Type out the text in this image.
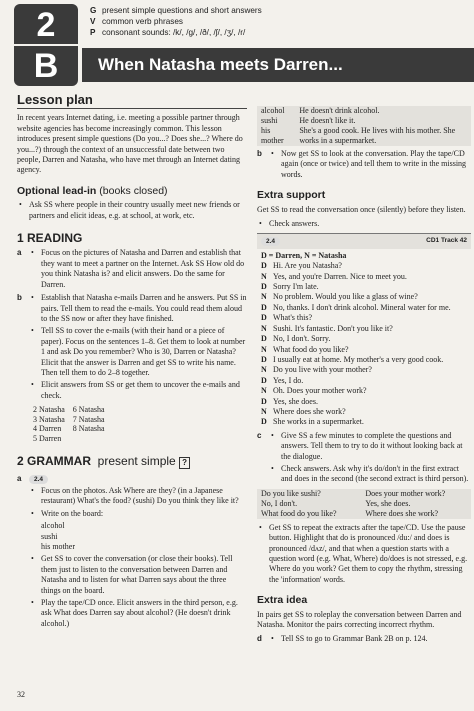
2
B
G present simple questions and short answers
V common verb phrases
P consonant sounds: /k/, /g/, /ð/, /ʃ/, /ʒ/, /r/
When Natasha meets Darren...
Lesson plan

In recent years Internet dating, i.e. meeting a possible partner through website agencies has become increasingly common. This lesson introduces present simple questions (Do you...? Does she...? Where do you...?) through the context of an unsuccessful date between two people, Darren and Natasha, who have met through an Internet dating agency.

Optional lead-in (books closed)
• Ask SS where people in their country usually meet new friends or partners and elicit ideas, e.g. at school, at work, etc.
1 READING
a	• Focus on the pictures of Natasha and Darren and establish that they want to meet a partner on the Internet. Ask SS How old do you think Natasha is? and elicit answers. Do the same for Darren.
b	• Establish that Natasha e-mails Darren and he answers. Put SS in pairs. Tell them to read the e-mails. You could read them aloud to the SS now or after they have finished.
• Tell SS to cover the e-mails (with their hand or a piece of paper). Focus on the sentences 1–8. Get them to look at number 1 and ask Do you remember? Who is 30, Darren or Natasha? Elicit that the answer is Darren and get SS to write his name. Then tell them to do 2–8 together.
• Elicit answers from SS or get them to uncover the e-mails and check.
2 Natasha	6 Natasha
3 Natasha	7 Natasha
4 Darren	8 Natasha
5 Darren	
2 GRAMMAR present simple ?
a	2.4
• Focus on the photos. Ask Where are they? (in a Japanese restaurant) What's the food? (sushi) Do you think they like it?
• Write on the board:
alcohol
sushi
his mother
• Get SS to cover the conversation (or close their books). Tell them just to listen to the conversation between Darren and Natasha and to listen for what Darren says about the three things on the board.
• Play the tape/CD once. Elicit answers in the third person, e.g. ask What does Darren say about alcohol? (He doesn't drink alcohol.)
32
alcohol	He doesn't drink alcohol.
sushi	He doesn't like it.
his mother	She's a good cook. He lives with his mother. She works in a supermarket.
b	• Now get SS to look at the conversation. Play the tape/CD again (once or twice) and tell them to write in the missing words.
Extra support

Get SS to read the conversation once (silently) before they listen.

• Check answers.
2.4	CD1 Track 42
D = Darren, N = Natasha
D Hi. Are you Natasha?
N Yes, and you're Darren. Nice to meet you.
D Sorry I'm late.
N No problem. Would you like a glass of wine?
D No, thanks. I don't drink alcohol. Mineral water for me.
D What's this?
N Sushi. It's fantastic. Don't you like it?
D No, I don't. Sorry.
N What food do you like?
D I usually eat at home. My mother's a very good cook.
N Do you live with your mother?
D Yes, I do.
N Oh. Does your mother work?
D Yes, she does.
N Where does she work?
D She works in a supermarket.
c	• Give SS a few minutes to complete the questions and answers. Tell them to try to do it without looking back at the dialogue.
• Check answers. Ask why it's do/don't in the first extract and does in the second (the second extract is third person).
Do you like sushi?	Does your mother work?
No, I don't.	Yes, she does.
What food do you like?	Where does she work?
• Get SS to repeat the extracts after the tape/CD. Use the pause button. Highlight that do is pronounced /du:/ and does is pronounced /dʌz/, and that when a question starts with a question word (e.g. What, Where) do/does is not stressed, e.g. Where do you work? Get them to copy the rhythm, stressing the 'information' words.
Extra idea

In pairs get SS to roleplay the conversation between Darren and Natasha. Monitor the pairs correcting incorrect rhythm.

d	• Tell SS to go to Grammar Bank 2B on p. 124.
